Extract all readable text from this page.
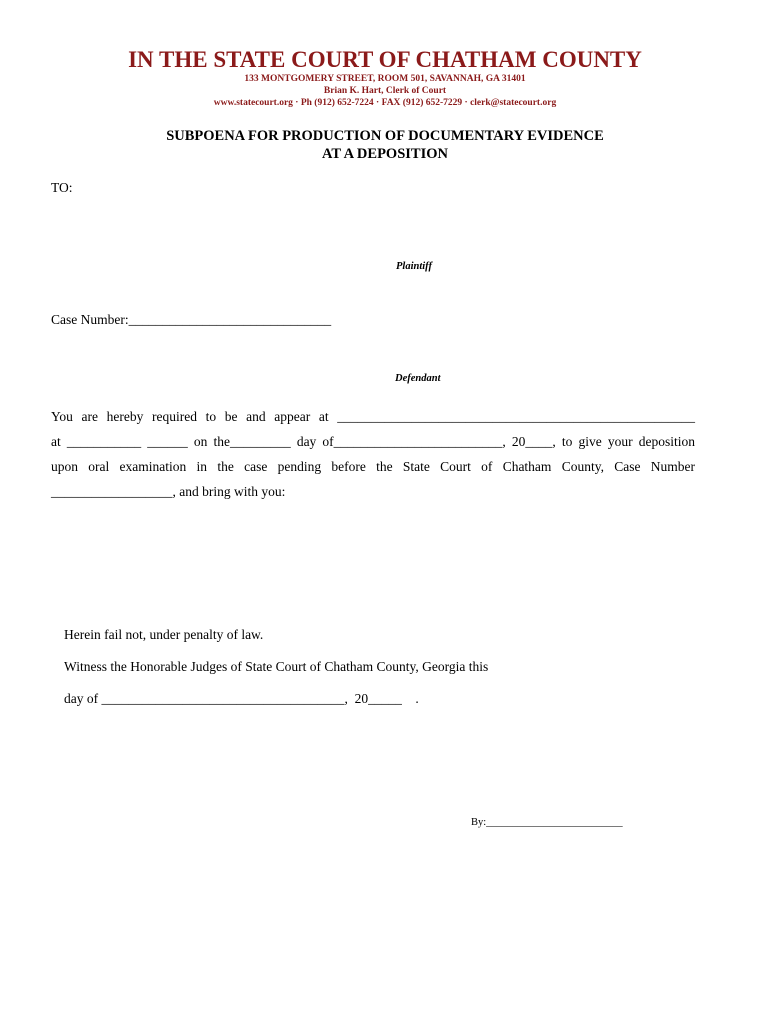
IN THE STATE COURT OF CHATHAM COUNTY
133 MONTGOMERY STREET, ROOM 501, SAVANNAH, GA 31401
Brian K. Hart, Clerk of Court
www.statecourt.org · Ph (912) 652-7224 · FAX (912) 652-7229 · clerk@statecourt.org
SUBPOENA FOR PRODUCTION OF DOCUMENTARY EVIDENCE
AT A DEPOSITION
TO:
Plaintiff
Case Number:______________________________
Defendant
You are hereby required to be and appear at _____________________________________________________
at ___________ ______ on the_________ day of_________________________, 20____, to give your deposition
upon oral examination in the case pending before the State Court of Chatham County, Case Number
__________________, and bring with you:
Herein fail not, under penalty of law.
Witness the Honorable Judges of State Court of Chatham County, Georgia this
day of ____________________________________,  20_____    .
By:__________________________
